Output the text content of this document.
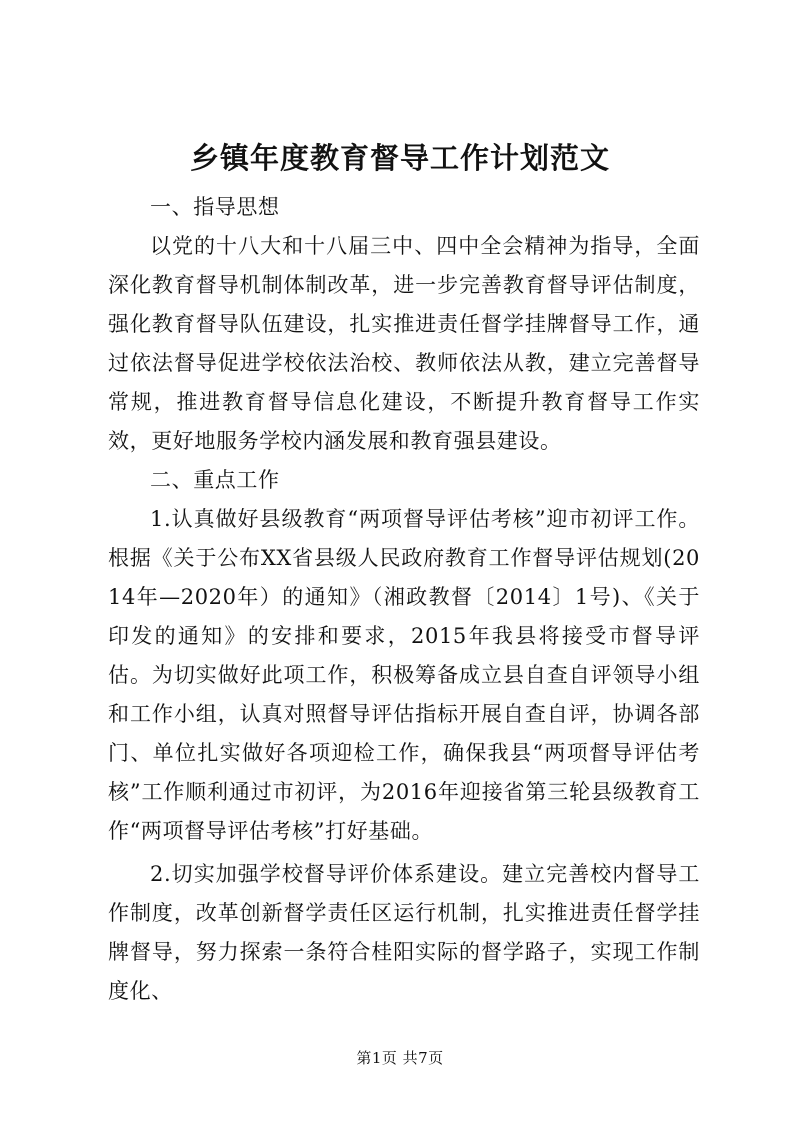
乡镇年度教育督导工作计划范文

一、指导思想

以党的十八大和十八届三中、四中全会精神为指导，全面深化教育督导机制体制改革，进一步完善教育督导评估制度，强化教育督导队伍建设，扎实推进责任督学挂牌督导工作，通过依法督导促进学校依法治校、教师依法从教，建立完善督导常规，推进教育督导信息化建设，不断提升教育督导工作实效，更好地服务学校内涵发展和教育强县建设。

二、重点工作

1.认真做好县级教育“两项督导评估考核”迎市初评工作。根据《关于公布XX省县级人民政府教育工作督导评估规划(2014年—2020年）的通知》（湘政教督〔2014〕1号)、《关于印发的通知》的安排和要求，2015年我县将接受市督导评估。为切实做好此项工作，积极筹备成立县自查自评领导小组和工作小组，认真对照督导评估指标开展自查自评，协调各部门、单位扎实做好各项迎检工作，确保我县“两项督导评估考核”工作顺利通过市初评，为2016年迎接省第三轮县级教育工作“两项督导评估考核”打好基础。

2.切实加强学校督导评价体系建设。建立完善校内督导工作制度，改革创新督学责任区运行机制，扎实推进责任督学挂牌督导，努力探索一条符合桂阳实际的督学路子，实现工作制度化、

第1页 共7页
